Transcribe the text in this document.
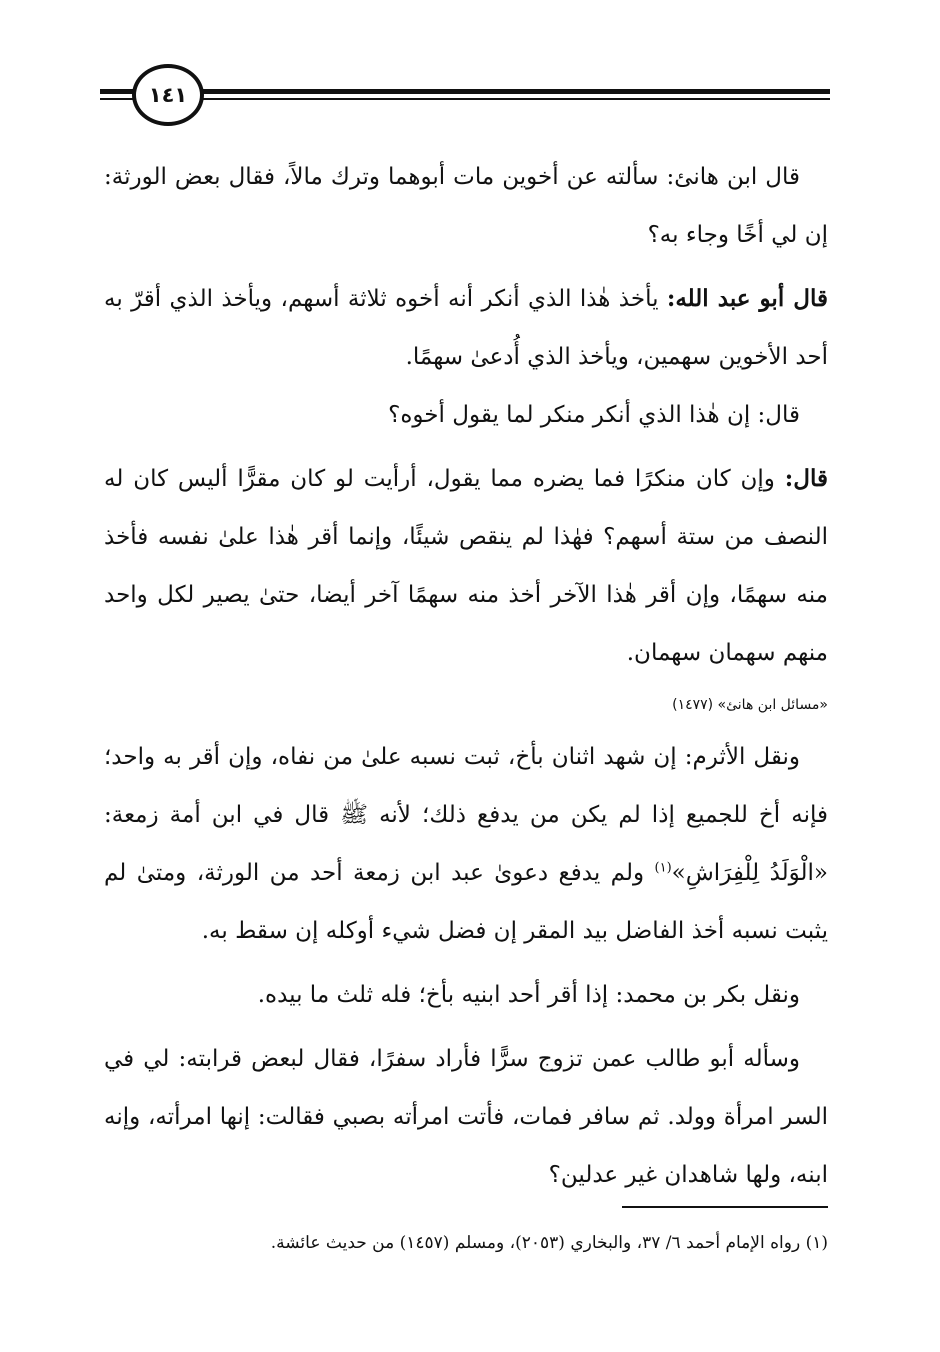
١٤١

قال ابن هانئ: سألته عن أخوين مات أبوهما وترك مالاً، فقال بعض الورثة: إن لي أخًا وجاء به؟

قال أبو عبد الله: يأخذ هٰذا الذي أنكر أنه أخوه ثلاثة أسهم، ويأخذ الذي أقرّ به أحد الأخوين سهمين، ويأخذ الذي أُدعىٰ سهمًا.

قال: إن هٰذا الذي أنكر منكر لما يقول أخوه؟

قال: وإن كان منكرًا فما يضره مما يقول، أرأيت لو كان مقرًّا أليس كان له النصف من ستة أسهم؟ فهٰذا لم ينقص شيئًا، وإنما أقر هٰذا علىٰ نفسه فأخذ منه سهمًا، وإن أقر هٰذا الآخر أخذ منه سهمًا آخر أيضا، حتىٰ يصير لكل واحد منهم سهمان سهمان.

«مسائل ابن هانئ» (١٤٧٧)

ونقل الأثرم: إن شهد اثنان بأخ، ثبت نسبه علىٰ من نفاه، وإن أقر به واحد؛ فإنه أخ للجميع إذا لم يكن من يدفع ذلك؛ لأنه ﷺ قال في ابن أمة زمعة: «الْوَلَدُ لِلْفِرَاشِ»$^{(١)}$ ولم يدفع دعوىٰ عبد ابن زمعة أحد من الورثة، ومتىٰ لم يثبت نسبه أخذ الفاضل بيد المقر إن فضل شيء أوكله إن سقط به.

ونقل بكر بن محمد: إذا أقر أحد ابنيه بأخ؛ فله ثلث ما بيده.

وسأله أبو طالب عمن تزوج سرًّا فأراد سفرًا، فقال لبعض قرابته: لي في السر امرأة وولد. ثم سافر فمات، فأتت امرأته بصبي فقالت: إنها امرأته، وإنه ابنه، ولها شاهدان غير عدلين؟

(١) رواه الإمام أحمد ٦/ ٣٧، والبخاري (٢٠٥٣)، ومسلم (١٤٥٧) من حديث عائشة.
